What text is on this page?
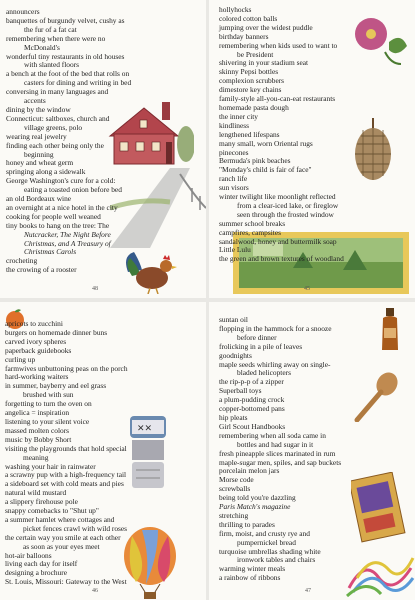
announcers
banquettes of burgundy velvet, cushy as
the fur of a fat cat
remembering when there were no
McDonald's
wonderful tiny restaurants in old houses
with slanted floors
a bench at the foot of the bed that rolls on
casters for dining and writing in bed
conversing in many languages and
accents
dining by the window
Connecticut: saltboxes, church and
village greens, polo
wearing real jewelry
finding each other being only the
beginning
honey and wheat germ
springing along a sidewalk
George Washington's cure for a cold:
eating a toasted onion before bed
an old Bordeaux wine
an overnight at a nice hotel in the city
cooking for people well weaned
tiny books to hang on the tree: The
Nutcracker, The Night Before
Christmas, and A Treasury of
Christmas Carols
crocheting
the crowing of a rooster
48
hollyhocks
colored cotton balls
jumping over the widest puddle
birthday banners
remembering when kids used to want to
be President
shivering in your stadium seat
skinny Pepsi bottles
complexion scrubbers
dimestore key chains
family-style all-you-can-eat restaurants
homemade pasta dough
the inner city
kindliness
lengthened lifespans
many small, worn Oriental rugs
pinecones
Bermuda's pink beaches
"Monday's child is fair of face"
ranch life
sun visors
winter twilight like moonlight reflected
from a clear-iced lake, or fireglow
seen through the frosted window
summer school breaks
campfires, campsites
sandalwood, honey and buttermilk soap
Little Lulu
the green and brown textures of woodland
45
✕✕
apricots to zucchini
burgers on homemade dinner buns
carved ivory spheres
paperback guidebooks
curling up
farmwives unbuttoning peas on the porch
hard-working waiters
in summer, bayberry and eel grass
brushed with sun
forgetting to turn the oven on
angelica = inspiration
listening to your silent voice
massed molten colors
music by Bobby Short
visiting the playgrounds that hold special
meaning
washing your hair in rainwater
a scrawny pup with a high-frequency tail
a sideboard set with cold meats and pies
natural wild mustard
a slippery firehouse pole
snappy comebacks to "Shut up"
a summer hamlet where cottages and
picket fences crawl with wild roses
the certain way you smile at each other
as soon as your eyes meet
hot-air balloons
living each day for itself
designing a brochure
St. Louis, Missouri: Gateway to the West
46
suntan oil
flopping in the hammock for a snooze
before dinner
frolicking in a pile of leaves
goodnights
maple seeds whirling away on single-
bladed helicopters
the rip-p-p of a zipper
Superball toys
a plum-pudding crock
copper-bottomed pans
hip pleats
Girl Scout Handbooks
remembering when all soda came in
bottles and had sugar in it
fresh pineapple slices marinated in rum
maple-sugar men, spiles, and sap buckets
porcelain melon jars
Morse code
screwballs
being told you're dazzling
Paris Match's magazine
stretching
thrilling to parades
firm, moist, and crusty rye and
pumpernickel bread
turquoise umbrellas shading white
ironwork tables and chairs
warming winter meals
a rainbow of ribbons
47
